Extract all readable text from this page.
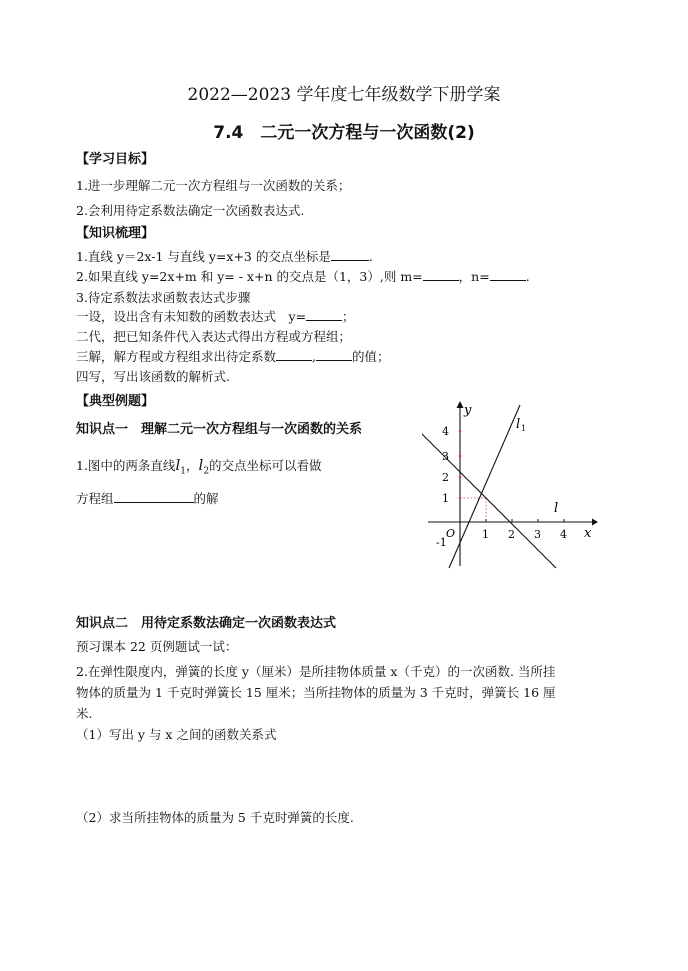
2022—2023 学年度七年级数学下册学案
7.4　二元一次方程与一次函数(2)
【学习目标】
1.进一步理解二元一次方程组与一次函数的关系；
2.会利用待定系数法确定一次函数表达式.
【知识梳理】
1.直线 y＝2x-1 与直线 y=x+3 的交点坐标是	.
2.如果直线 y=2x+m 和 y= - x+n 的交点是（1，3）,则 m=	，n=	.
3.待定系数法求函数表达式步骤
一设，设出含有未知数的函数表达式　y=	；
二代，把已知条件代入表达式得出方程或方程组；
三解，解方程或方程组求出待定系数	,	的值；
四写，写出该函数的解析式.
【典型例题】
知识点一　理解二元一次方程组与一次函数的关系
1.图中的两条直线$l_1$，$l_2$的交点坐标可以看做
方程组	的解
y
x
O
l 1
l
1 2 3 4
4
3
2
1
-1
知识点二　用待定系数法确定一次函数表达式
预习课本 22 页例题试一试：
2.在弹性限度内，弹簧的长度 y（厘米）是所挂物体质量 x（千克）的一次函数. 当所挂
物体的质量为 1 千克时弹簧长 15 厘米；当所挂物体的质量为 3 千克时，弹簧长 16 厘
米.
（1）写出 y 与 x 之间的函数关系式
（2）求当所挂物体的质量为 5 千克时弹簧的长度.
